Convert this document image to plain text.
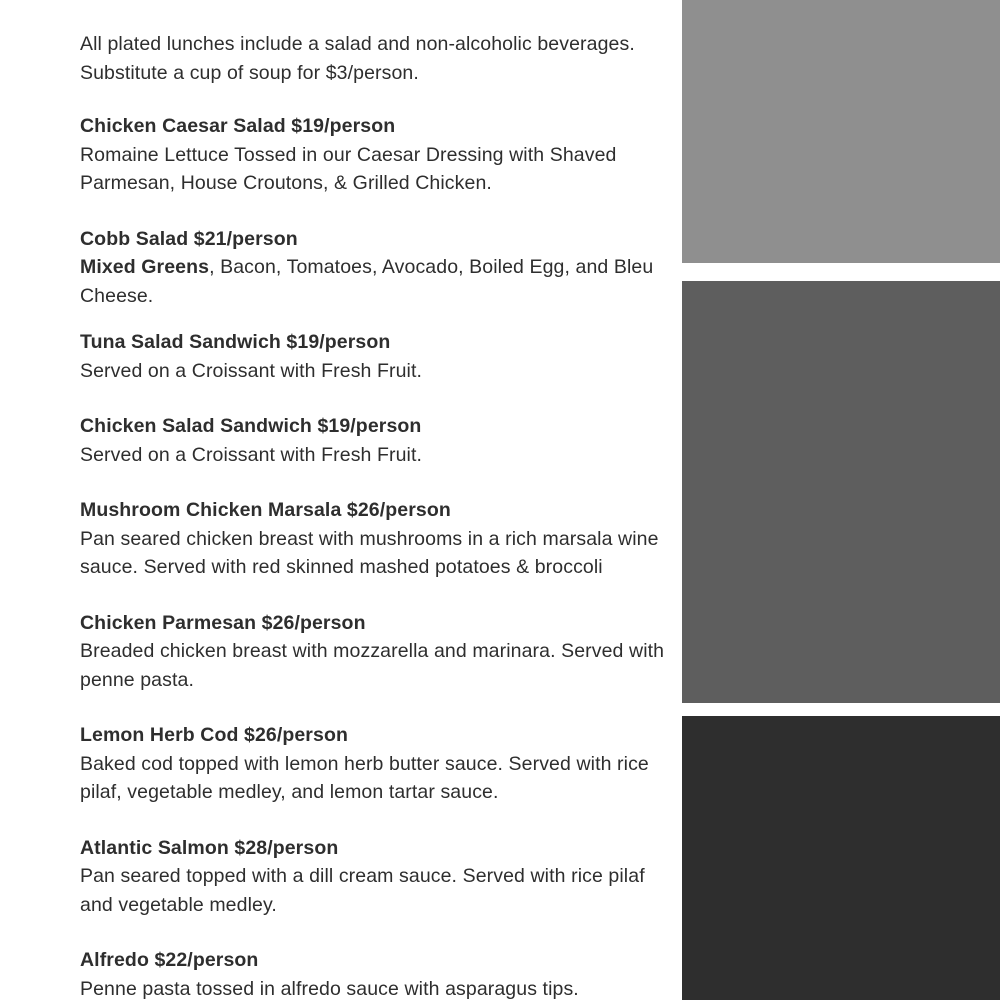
All plated lunches include a salad and non-alcoholic beverages.
Substitute a cup of soup for $3/person.

Chicken Caesar Salad $19/person
Romaine Lettuce Tossed in our Caesar Dressing with Shaved Parmesan, House Croutons, & Grilled Chicken.
Cobb Salad $21/person
Mixed Greens, Bacon, Tomatoes, Avocado, Boiled Egg, and Bleu Cheese.
Tuna Salad Sandwich $19/person
Served on a Croissant with Fresh Fruit.
Chicken Salad Sandwich $19/person
Served on a Croissant with Fresh Fruit.
Mushroom Chicken Marsala $26/person
Pan seared chicken breast with mushrooms in a rich marsala wine sauce. Served with red skinned mashed potatoes & broccoli
Chicken Parmesan $26/person
Breaded chicken breast with mozzarella and marinara. Served with penne pasta.
Lemon Herb Cod $26/person
Baked cod topped with lemon herb butter sauce. Served with rice pilaf, vegetable medley, and lemon tartar sauce.
Atlantic Salmon $28/person
Pan seared topped with a dill cream sauce. Served with rice pilaf and vegetable medley.
Alfredo $22/person
Penne pasta tossed in alfredo sauce with asparagus tips.
